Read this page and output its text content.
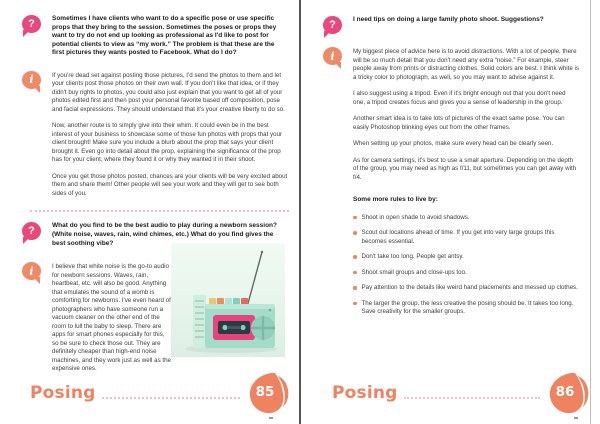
?	Sometimes I have clients who want to do a specific pose or use specific props that they bring to the session. Sometimes the poses or props they want to try do not end up looking as professional as I'd like to post for potential clients to view as “my work.” The problem is that these are the first pictures they wants posted to Facebook. What do I do?
i	If you're dead set against posting those pictures, I'd send the photos to them and let your clients post those photos on their own wall. If you don't like that idea, or if they didn't buy rights to photos, you could also just explain that you want to get all of your photos edited first and then post your personal favorite based off composition, pose and facial expressions. They should understand that it's your creative liberty to do so.

Now, another route is to simply give into their whim. It could even be in the best interest of your business to showcase some of those fun photos with props that your client brought! Make sure you include a blurb about the prop that says your client brought it. Even go into detail about the prop, explaining the significance of the prop has for your client, where they found it or why they wanted it in their shoot.

Once you get those photos posted, chances are your clients will be very excited about them and share them! Other people will see your work and they will get to see both sides of you.

?	What do you find to be the best audio to play during a newborn session? (White noise, waves, rain, wind chimes, etc.) What do you find gives the best soothing vibe?
i	I believe that white noise is the go-to audio for newborn sessions. Waves, rain, heartbeat, etc. will also be good. Anything that emulates the sound of a womb is comforting for newborns. I've even heard of photographers who have someone run a vacuum cleaner on the other end of the room to lull the baby to sleep. There are apps for smart phones especially for this, so be sure to check those out. They are definitely cheaper than high-end noise machines, and they work just as well as the expensive ones.
Posing	85
?	I need tips on doing a large family photo shoot. Suggestions?
i	My biggest piece of advice here is to avoid distractions. With a lot of people, there will be so much detail that you don't need any extra “noise.” For example, steer people away from prints or distracting clothes. Solid colors are best. I think white is a tricky color to photograph, as well, so you may want to advise against it.

I also suggest using a tripod. Even if it's bright enough out that you don't need one, a tripod creates focus and gives you a sense of leadership in the group.

Another smart idea is to take lots of pictures of the exact same pose. You can easily Photoshop blinking eyes out from the other frames.

When setting up your photos, make sure every head can be clearly seen.

As for camera settings, it's best to use a small aperture. Depending on the depth of the group, you may need as high as f/11, but sometimes you can get away with f/4.

Some more rules to live by:
Shoot in open shade to avoid shadows.
Scout out locations ahead of time. If you get into very large groups this becomes essential.
Don't take too long. People get antsy.
Shoot small groups and close-ups too.
Pay attention to the details like weird hand placements and messed up clothes.
The larger the group, the less creative the posing should be. It takes too long. Save creativity for the smaller groups.
Posing	86
